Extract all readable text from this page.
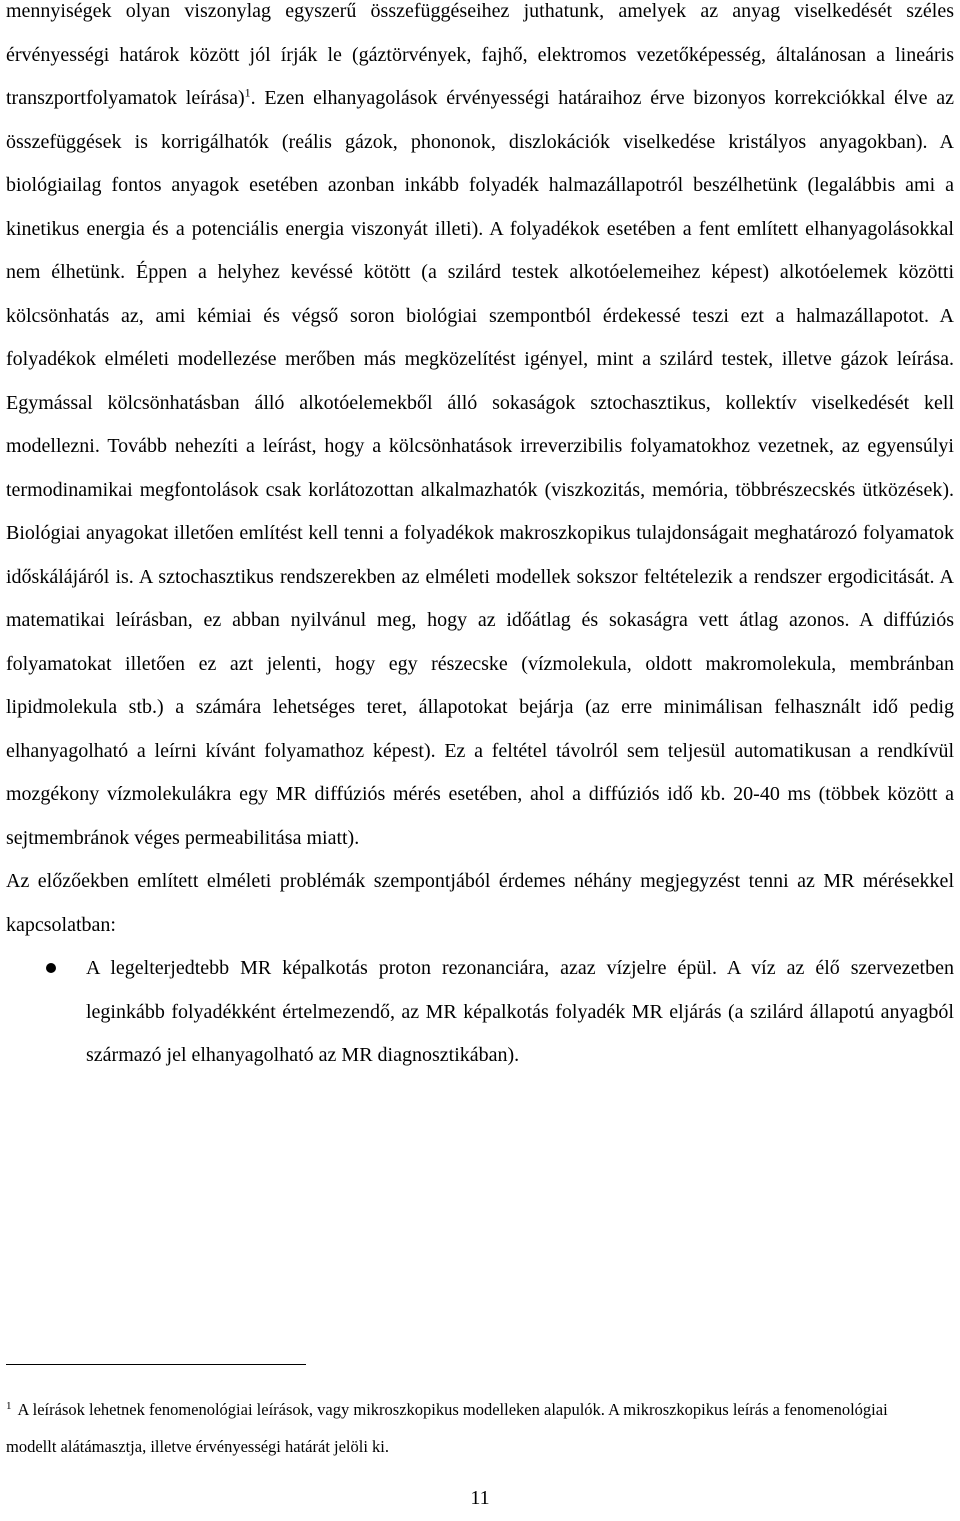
mennyiségek olyan viszonylag egyszerű összefüggéseihez juthatunk, amelyek az anyag viselkedését széles érvényességi határok között jól írják le (gáztörvények, fajhő, elektromos vezetőképesség, általánosan a lineáris transzportfolyamatok leírása)$^1$. Ezen elhanyagolások érvényességi határaihoz érve bizonyos korrekciókkal élve az összefüggések is korrigálhatók (reális gázok, phononok, diszlokációk viselkedése kristályos anyagokban). A biológiailag fontos anyagok esetében azonban inkább folyadék halmazállapotról beszélhetünk (legalábbis ami a kinetikus energia és a potenciális energia viszonyát illeti). A folyadékok esetében a fent említett elhanyagolásokkal nem élhetünk. Éppen a helyhez kevéssé kötött (a szilárd testek alkotóelemeihez képest) alkotóelemek közötti kölcsönhatás az, ami kémiai és végső soron biológiai szempontból érdekessé teszi ezt a halmazállapotot. A folyadékok elméleti modellezése merőben más megközelítést igényel, mint a szilárd testek, illetve gázok leírása. Egymással kölcsönhatásban álló alkotóelemekből álló sokaságok sztochasztikus, kollektív viselkedését kell modellezni. Tovább nehezíti a leírást, hogy a kölcsönhatások irreverzibilis folyamatokhoz vezetnek, az egyensúlyi termodinamikai megfontolások csak korlátozottan alkalmazhatók (viszkozitás, memória, többrészecskés ütközések). Biológiai anyagokat illetően említést kell tenni a folyadékok makroszkopikus tulajdonságait meghatározó folyamatok időskálájáról is. A sztochasztikus rendszerekben az elméleti modellek sokszor feltételezik a rendszer ergodicitását. A matematikai leírásban, ez abban nyilvánul meg, hogy az időátlag és sokaságra vett átlag azonos. A diffúziós folyamatokat illetően ez azt jelenti, hogy egy részecske (vízmolekula, oldott makromolekula, membránban lipidmolekula stb.) a számára lehetséges teret, állapotokat bejárja (az erre minimálisan felhasznált idő pedig elhanyagolható a leírni kívánt folyamathoz képest). Ez a feltétel távolról sem teljesül automatikusan a rendkívül mozgékony vízmolekulákra egy MR diffúziós mérés esetében, ahol a diffúziós idő kb. 20-40 ms (többek között a sejtmembránok véges permeabilitása miatt).

Az előzőekben említett elméleti problémák szempontjából érdemes néhány megjegyzést tenni az MR mérésekkel kapcsolatban:

A legelterjedtebb MR képalkotás proton rezonanciára, azaz vízjelre épül. A víz az élő szervezetben leginkább folyadékként értelmezendő, az MR képalkotás folyadék MR eljárás (a szilárd állapotú anyagból származó jel elhanyagolható az MR diagnosztikában).
$^1$ A leírások lehetnek fenomenológiai leírások, vagy mikroszkopikus modelleken alapulók. A mikroszkopikus leírás a fenomenológiai modellt alátámasztja, illetve érvényességi határát jelöli ki.
11
